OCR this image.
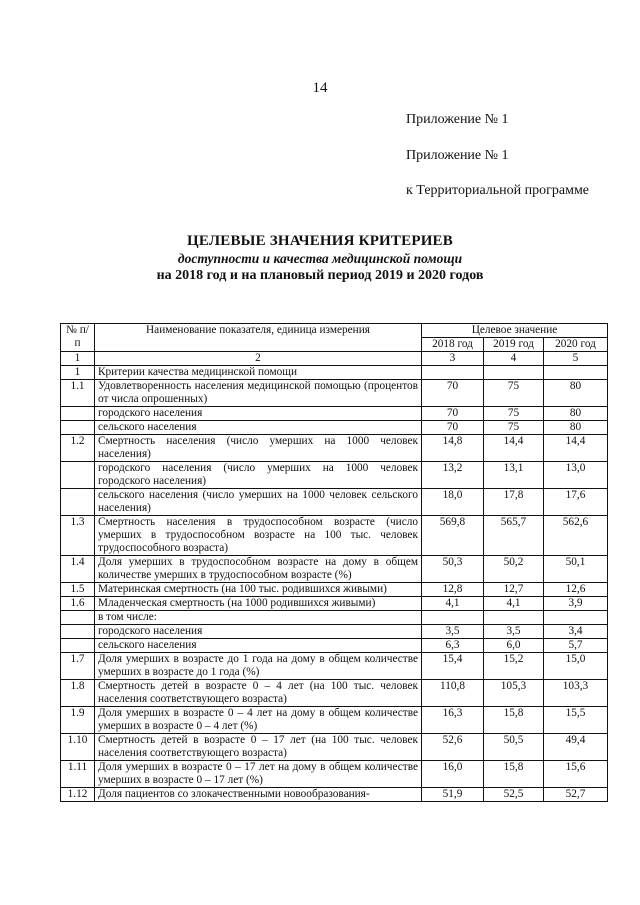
14
Приложение № 1
Приложение № 1
к Территориальной программе
ЦЕЛЕВЫЕ ЗНАЧЕНИЯ КРИТЕРИЕВ
доступности и качества медицинской помощи
на 2018 год и на плановый период 2019 и 2020 годов
№ п/п	Наименование показателя, единица измерения	Целевое значение		
		2018 год	2019 год	2020 год
1	2	3	4	5
1	Критерии качества медицинской помощи			
1.1	Удовлетворенность населения медицинской помощью (процентов от числа опрошенных)	70	75	80
	городского населения	70	75	80
	сельского населения	70	75	80
1.2	Смертность населения (число умерших на 1000 человек населения)	14,8	14,4	14,4
	городского населения (число умерших на 1000 человек городского населения)	13,2	13,1	13,0
	сельского населения (число умерших на 1000 человек сельского населения)	18,0	17,8	17,6
1.3	Смертность населения в трудоспособном возрасте (число умерших в трудоспособном возрасте на 100 тыс. человек трудоспособного возраста)	569,8	565,7	562,6
1.4	Доля умерших в трудоспособном возрасте на дому в общем количестве умерших в трудоспособном возрасте (%)	50,3	50,2	50,1
1.5	Материнская смертность (на 100 тыс. родившихся живыми)	12,8	12,7	12,6
1.6	Младенческая смертность (на 1000 родившихся живыми)	4,1	4,1	3,9
	в том числе:			
	городского населения	3,5	3,5	3,4
	сельского населения	6,3	6,0	5,7
1.7	Доля умерших в возрасте до 1 года на дому в общем количестве умерших в возрасте до 1 года (%)	15,4	15,2	15,0
1.8	Смертность детей в возрасте 0 – 4 лет (на 100 тыс. человек населения соответствующего возраста)	110,8	105,3	103,3
1.9	Доля умерших в возрасте 0 – 4 лет на дому в общем количестве умерших в возрасте 0 – 4 лет (%)	16,3	15,8	15,5
1.10	Смертность детей в возрасте 0 – 17 лет (на 100 тыс. человек населения соответствующего возраста)	52,6	50,5	49,4
1.11	Доля умерших в возрасте 0 – 17 лет на дому в общем количестве умерших в возрасте 0 – 17 лет (%)	16,0	15,8	15,6
1.12	Доля пациентов со злокачественными новообразования-	51,9	52,5	52,7
